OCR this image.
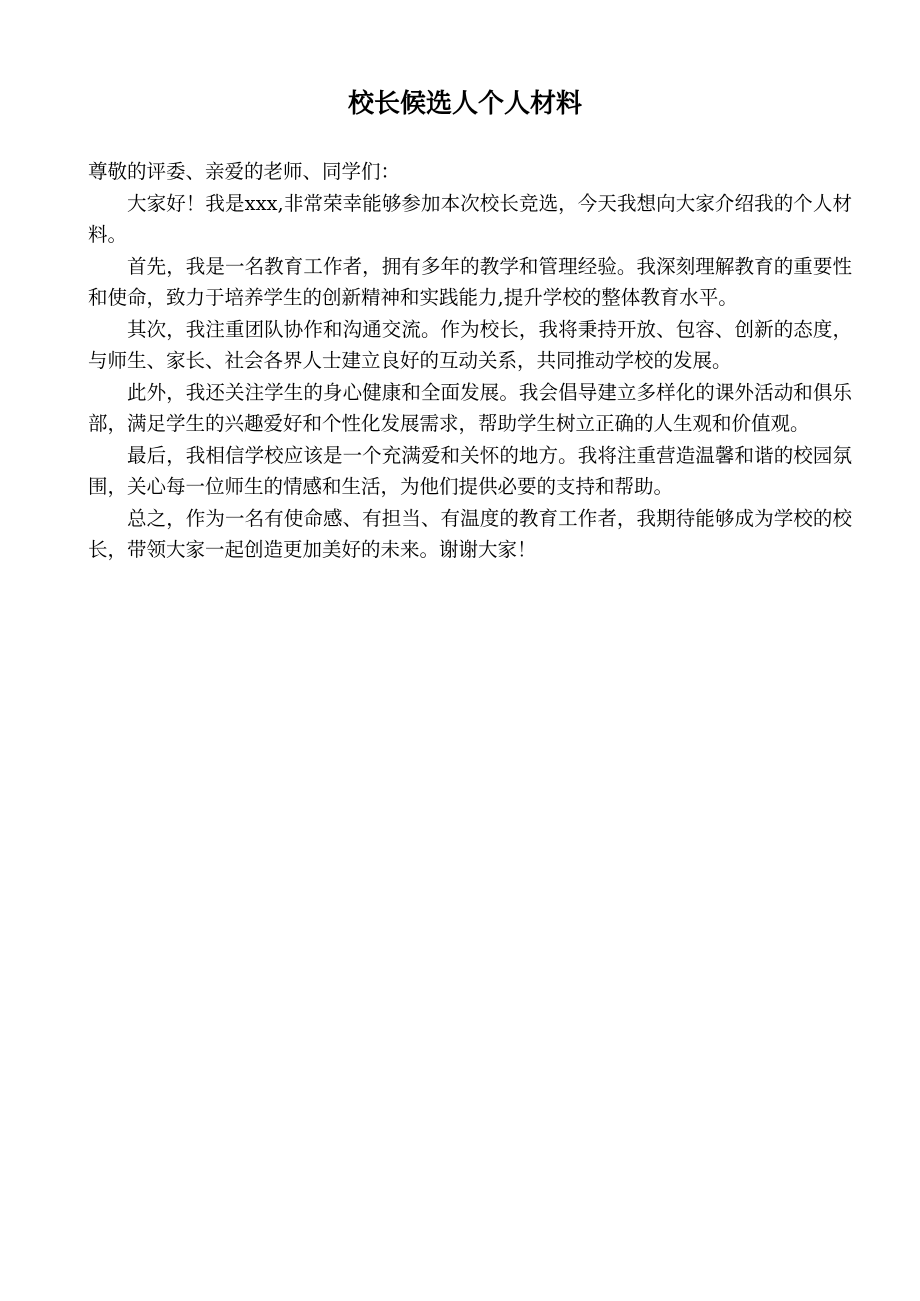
校长候选人个人材料

尊敬的评委、亲爱的老师、同学们：

大家好！我是xxx,非常荣幸能够参加本次校长竞选，今天我想向大家介绍我的个人材料。

首先，我是一名教育工作者，拥有多年的教学和管理经验。我深刻理解教育的重要性和使命，致力于培养学生的创新精神和实践能力,提升学校的整体教育水平。

其次，我注重团队协作和沟通交流。作为校长，我将秉持开放、包容、创新的态度，与师生、家长、社会各界人士建立良好的互动关系，共同推动学校的发展。

此外，我还关注学生的身心健康和全面发展。我会倡导建立多样化的课外活动和俱乐部，满足学生的兴趣爱好和个性化发展需求，帮助学生树立正确的人生观和价值观。

最后，我相信学校应该是一个充满爱和关怀的地方。我将注重营造温馨和谐的校园氛围，关心每一位师生的情感和生活，为他们提供必要的支持和帮助。

总之，作为一名有使命感、有担当、有温度的教育工作者，我期待能够成为学校的校长，带领大家一起创造更加美好的未来。谢谢大家！
